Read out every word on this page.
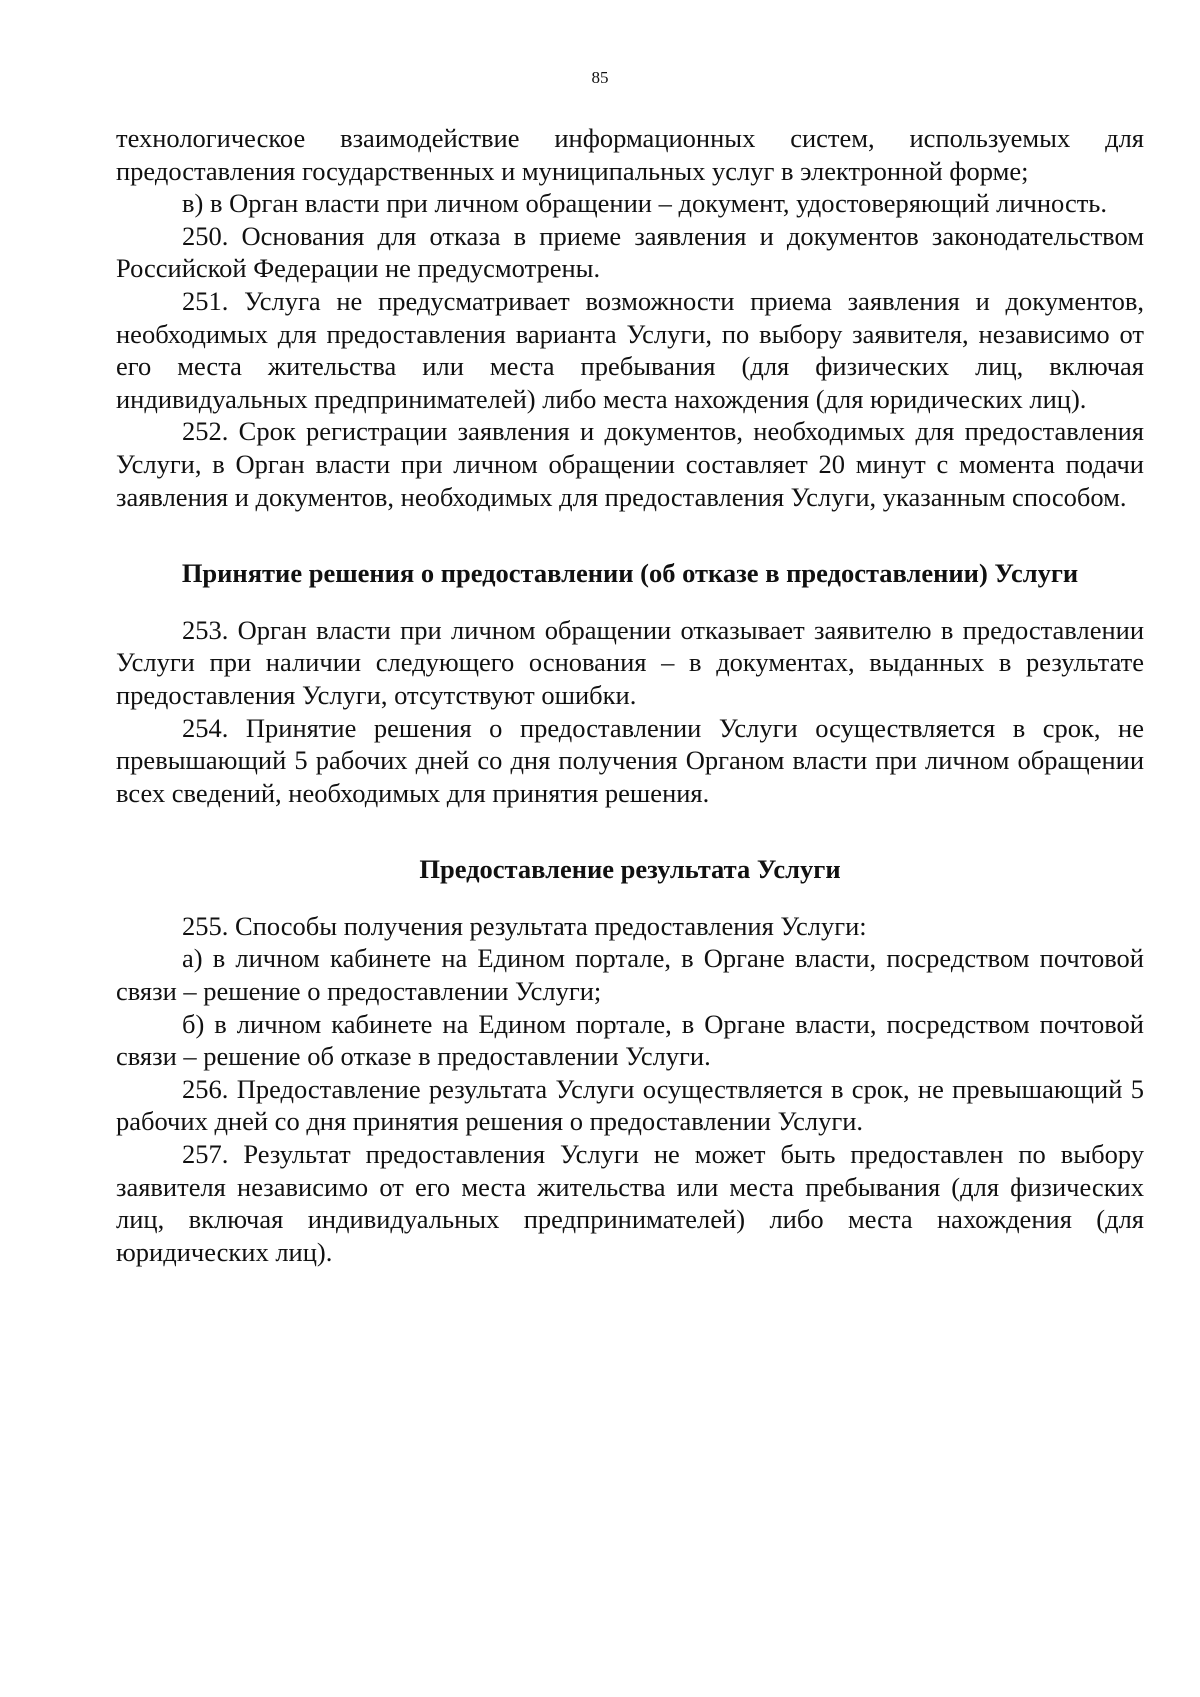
85

технологическое взаимодействие информационных систем, используемых для предоставления государственных и муниципальных услуг в электронной форме;

в) в Орган власти при личном обращении – документ, удостоверяющий личность.

250. Основания для отказа в приеме заявления и документов законодательством Российской Федерации не предусмотрены.

251. Услуга не предусматривает возможности приема заявления и документов, необходимых для предоставления варианта Услуги, по выбору заявителя, независимо от его места жительства или места пребывания (для физических лиц, включая индивидуальных предпринимателей) либо места нахождения (для юридических лиц).

252. Срок регистрации заявления и документов, необходимых для предоставления Услуги, в Орган власти при личном обращении составляет 20 минут с момента подачи заявления и документов, необходимых для предоставления Услуги, указанным способом.

Принятие решения о предоставлении (об отказе в предоставлении) Услуги

253. Орган власти при личном обращении отказывает заявителю в предоставлении Услуги при наличии следующего основания – в документах, выданных в результате предоставления Услуги, отсутствуют ошибки.

254. Принятие решения о предоставлении Услуги осуществляется в срок, не превышающий 5 рабочих дней со дня получения Органом власти при личном обращении всех сведений, необходимых для принятия решения.

Предоставление результата Услуги

255. Способы получения результата предоставления Услуги:

а) в личном кабинете на Едином портале, в Органе власти, посредством почтовой связи – решение о предоставлении Услуги;

б) в личном кабинете на Едином портале, в Органе власти, посредством почтовой связи – решение об отказе в предоставлении Услуги.

256. Предоставление результата Услуги осуществляется в срок, не превышающий 5 рабочих дней со дня принятия решения о предоставлении Услуги.

257. Результат предоставления Услуги не может быть предоставлен по выбору заявителя независимо от его места жительства или места пребывания (для физических лиц, включая индивидуальных предпринимателей) либо места нахождения (для юридических лиц).
